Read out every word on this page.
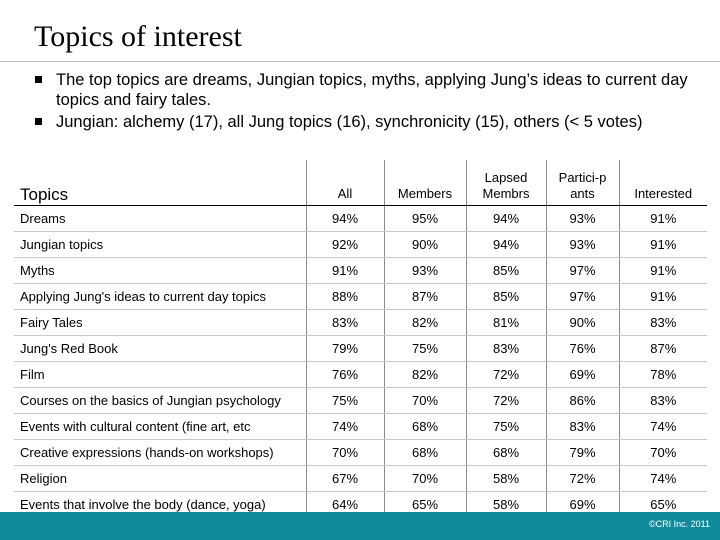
Topics of interest
The top topics are dreams, Jungian topics, myths, applying Jung’s ideas to current day topics and fairy tales.
Jungian: alchemy (17), all Jung topics (16), synchronicity (15), others (< 5 votes)
Topics	All	Members	Lapsed Membrs	Partici-pants	Interested
Dreams	94%	95%	94%	93%	91%
Jungian topics	92%	90%	94%	93%	91%
Myths	91%	93%	85%	97%	91%
Applying Jung's ideas to current day topics	88%	87%	85%	97%	91%
Fairy Tales	83%	82%	81%	90%	83%
Jung's Red Book	79%	75%	83%	76%	87%
Film	76%	82%	72%	69%	78%
Courses on the basics of Jungian psychology	75%	70%	72%	86%	83%
Events with cultural content (fine art, etc	74%	68%	75%	83%	74%
Creative expressions (hands-on workshops)	70%	68%	68%	79%	70%
Religion	67%	70%	58%	72%	74%
Events that involve the body (dance, yoga)	64%	65%	58%	69%	65%
©CRI Inc. 2011
